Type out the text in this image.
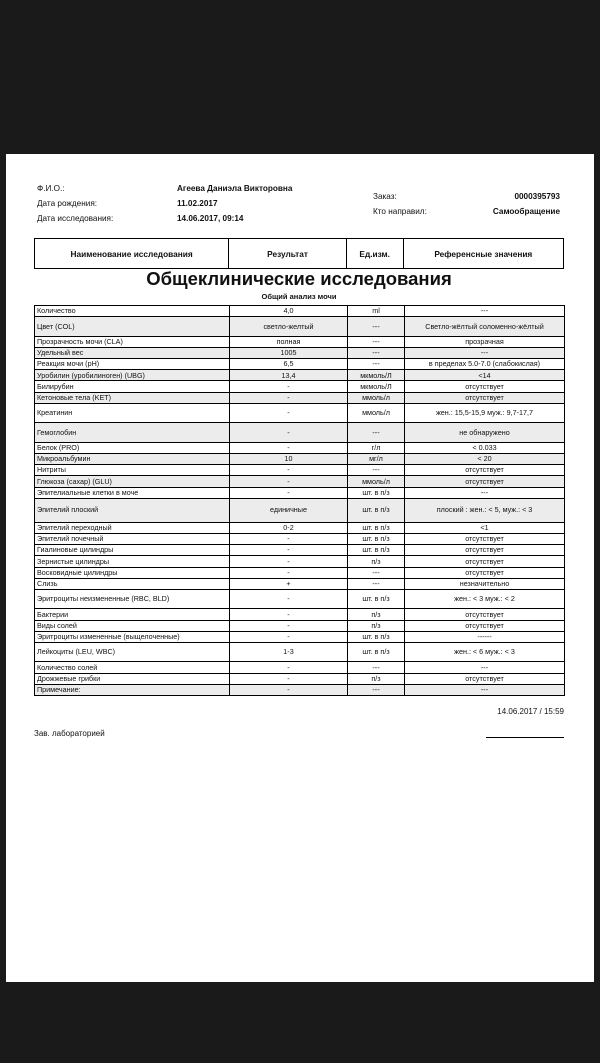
Ф.И.О.:	Агеева Даниэла Викторовна
Дата рождения:	11.02.2017
Дата исследования:	14.06.2017, 09:14
Заказ:	0000395793
Кто направил:	Самообращение
Наименование исследования	Результат	Ед.изм.	Референсные значения
Общеклинические исследования
Общий анализ мочи
Количество	4,0	ml	---
Цвет (COL)	светло-желтый	---	Светло-жёлтый соломенно-жёлтый
Прозрачность мочи (CLA)	полная	---	прозрачная
Удельный вес	1005	---	---
Реакция мочи (pH)	6,5	---	в пределах 5.0-7.0 (слабокислая)
Уробилин (уробилиноген) (UBG)	13,4	мкмоль/Л	<14
Билирубин	-	мкмоль/Л	отсутствует
Кетоновые тела (KET)	-	ммоль/л	отсутствует
Креатинин	-	ммоль/л	жен.: 15,5-15,9 муж.: 9,7-17,7
Гемоглобин	-	---	не обнаружено
Белок (PRO)	-	г/л	< 0.033
Микроальбумин	10	мг/л	< 20
Нитриты	-	---	отсутствует
Глюкоза (сахар) (GLU)	-	ммоль/л	отсутствует
Эпителиальные клетки в моче	-	шт. в п/з	---
Эпителий плоский	единичные	шт. в п/з	плоский : жен.: < 5, муж.: < 3
Эпителий переходный	0-2	шт. в п/з	<1
Эпителий почечный	-	шт. в п/з	отсутствует
Гиалиновые цилиндры	-	шт. в п/з	отсутствует
Зернистые цилиндры	-	п/з	отсутствует
Восковидные цилиндры	-	---	отсутствует
Слизь	+	---	незначительно
Эритроциты неизмененные (RBC, BLD)	-	шт. в п/з	жен.: < 3 муж.: < 2
Бактерии	-	п/з	отсутствует
Виды солей	-	п/з	отсутствует
Эритроциты измененные (выщелоченные)	-	шт. в п/з	------
Лейкоциты (LEU, WBC)	1-3	шт. в п/з	жен.: < 6 муж.: < 3
Количество солей	-	---	---
Дрожжевые грибки	-	п/з	отсутствует
Примечание:	-	---	---
14.06.2017 / 15:59
Зав. лабораторией
